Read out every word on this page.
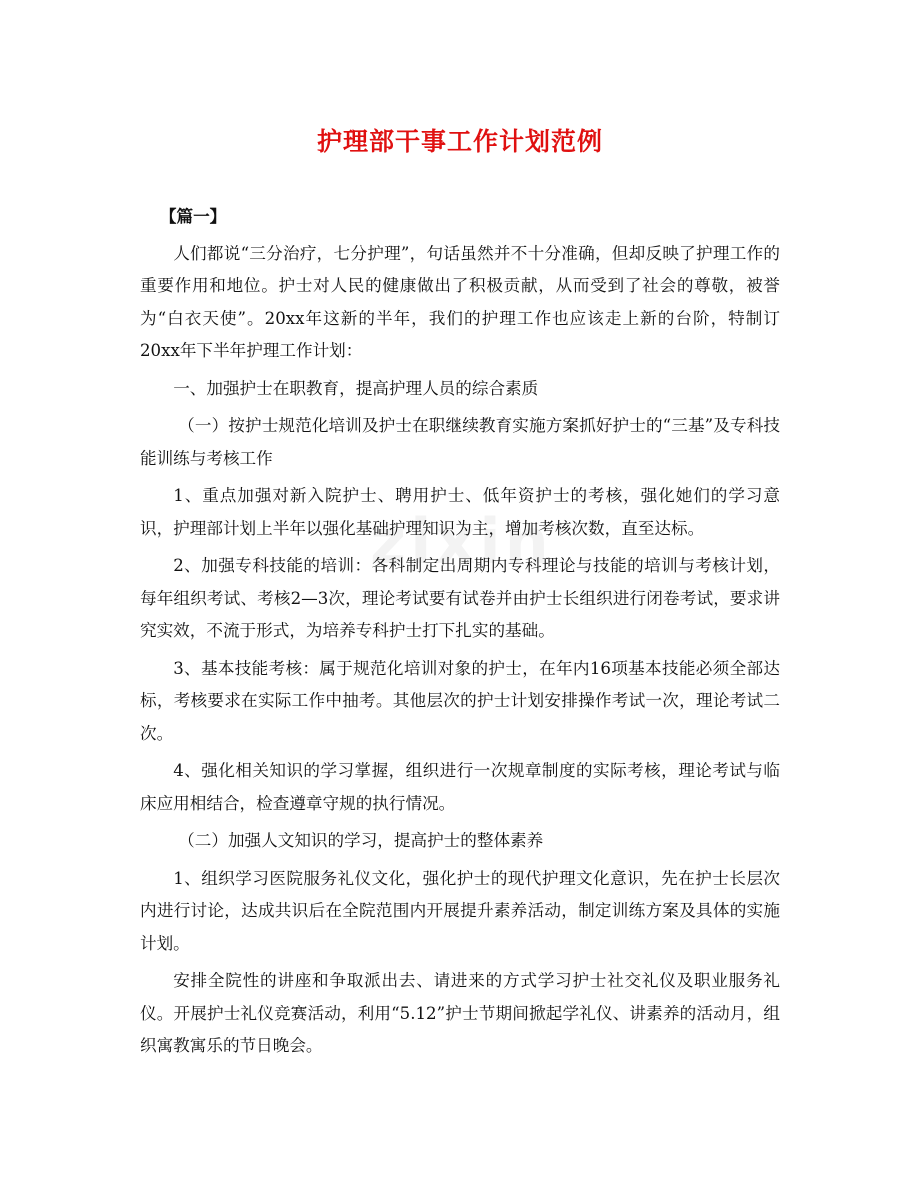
护理部干事工作计划范例

【篇一】

人们都说“三分治疗，七分护理”，句话虽然并不十分准确，但却反映了护理工作的重要作用和地位。护士对人民的健康做出了积极贡献，从而受到了社会的尊敬，被誉为“白衣天使”。20xx年这新的半年，我们的护理工作也应该走上新的台阶，特制订20xx年下半年护理工作计划：

一、加强护士在职教育，提高护理人员的综合素质

（一）按护士规范化培训及护士在职继续教育实施方案抓好护士的“三基”及专科技能训练与考核工作

1、重点加强对新入院护士、聘用护士、低年资护士的考核，强化她们的学习意识，护理部计划上半年以强化基础护理知识为主，增加考核次数，直至达标。

2、加强专科技能的培训：各科制定出周期内专科理论与技能的培训与考核计划，每年组织考试、考核2—3次，理论考试要有试卷并由护士长组织进行闭卷考试，要求讲究实效，不流于形式，为培养专科护士打下扎实的基础。

3、基本技能考核：属于规范化培训对象的护士，在年内16项基本技能必须全部达标，考核要求在实际工作中抽考。其他层次的护士计划安排操作考试一次，理论考试二次。

4、强化相关知识的学习掌握，组织进行一次规章制度的实际考核，理论考试与临床应用相结合，检查遵章守规的执行情况。

（二）加强人文知识的学习，提高护士的整体素养

1、组织学习医院服务礼仪文化，强化护士的现代护理文化意识，先在护士长层次内进行讨论，达成共识后在全院范围内开展提升素养活动，制定训练方案及具体的实施计划。

安排全院性的讲座和争取派出去、请进来的方式学习护士社交礼仪及职业服务礼仪。开展护士礼仪竞赛活动，利用“5.12”护士节期间掀起学礼仪、讲素养的活动月，组织寓教寓乐的节日晚会。
